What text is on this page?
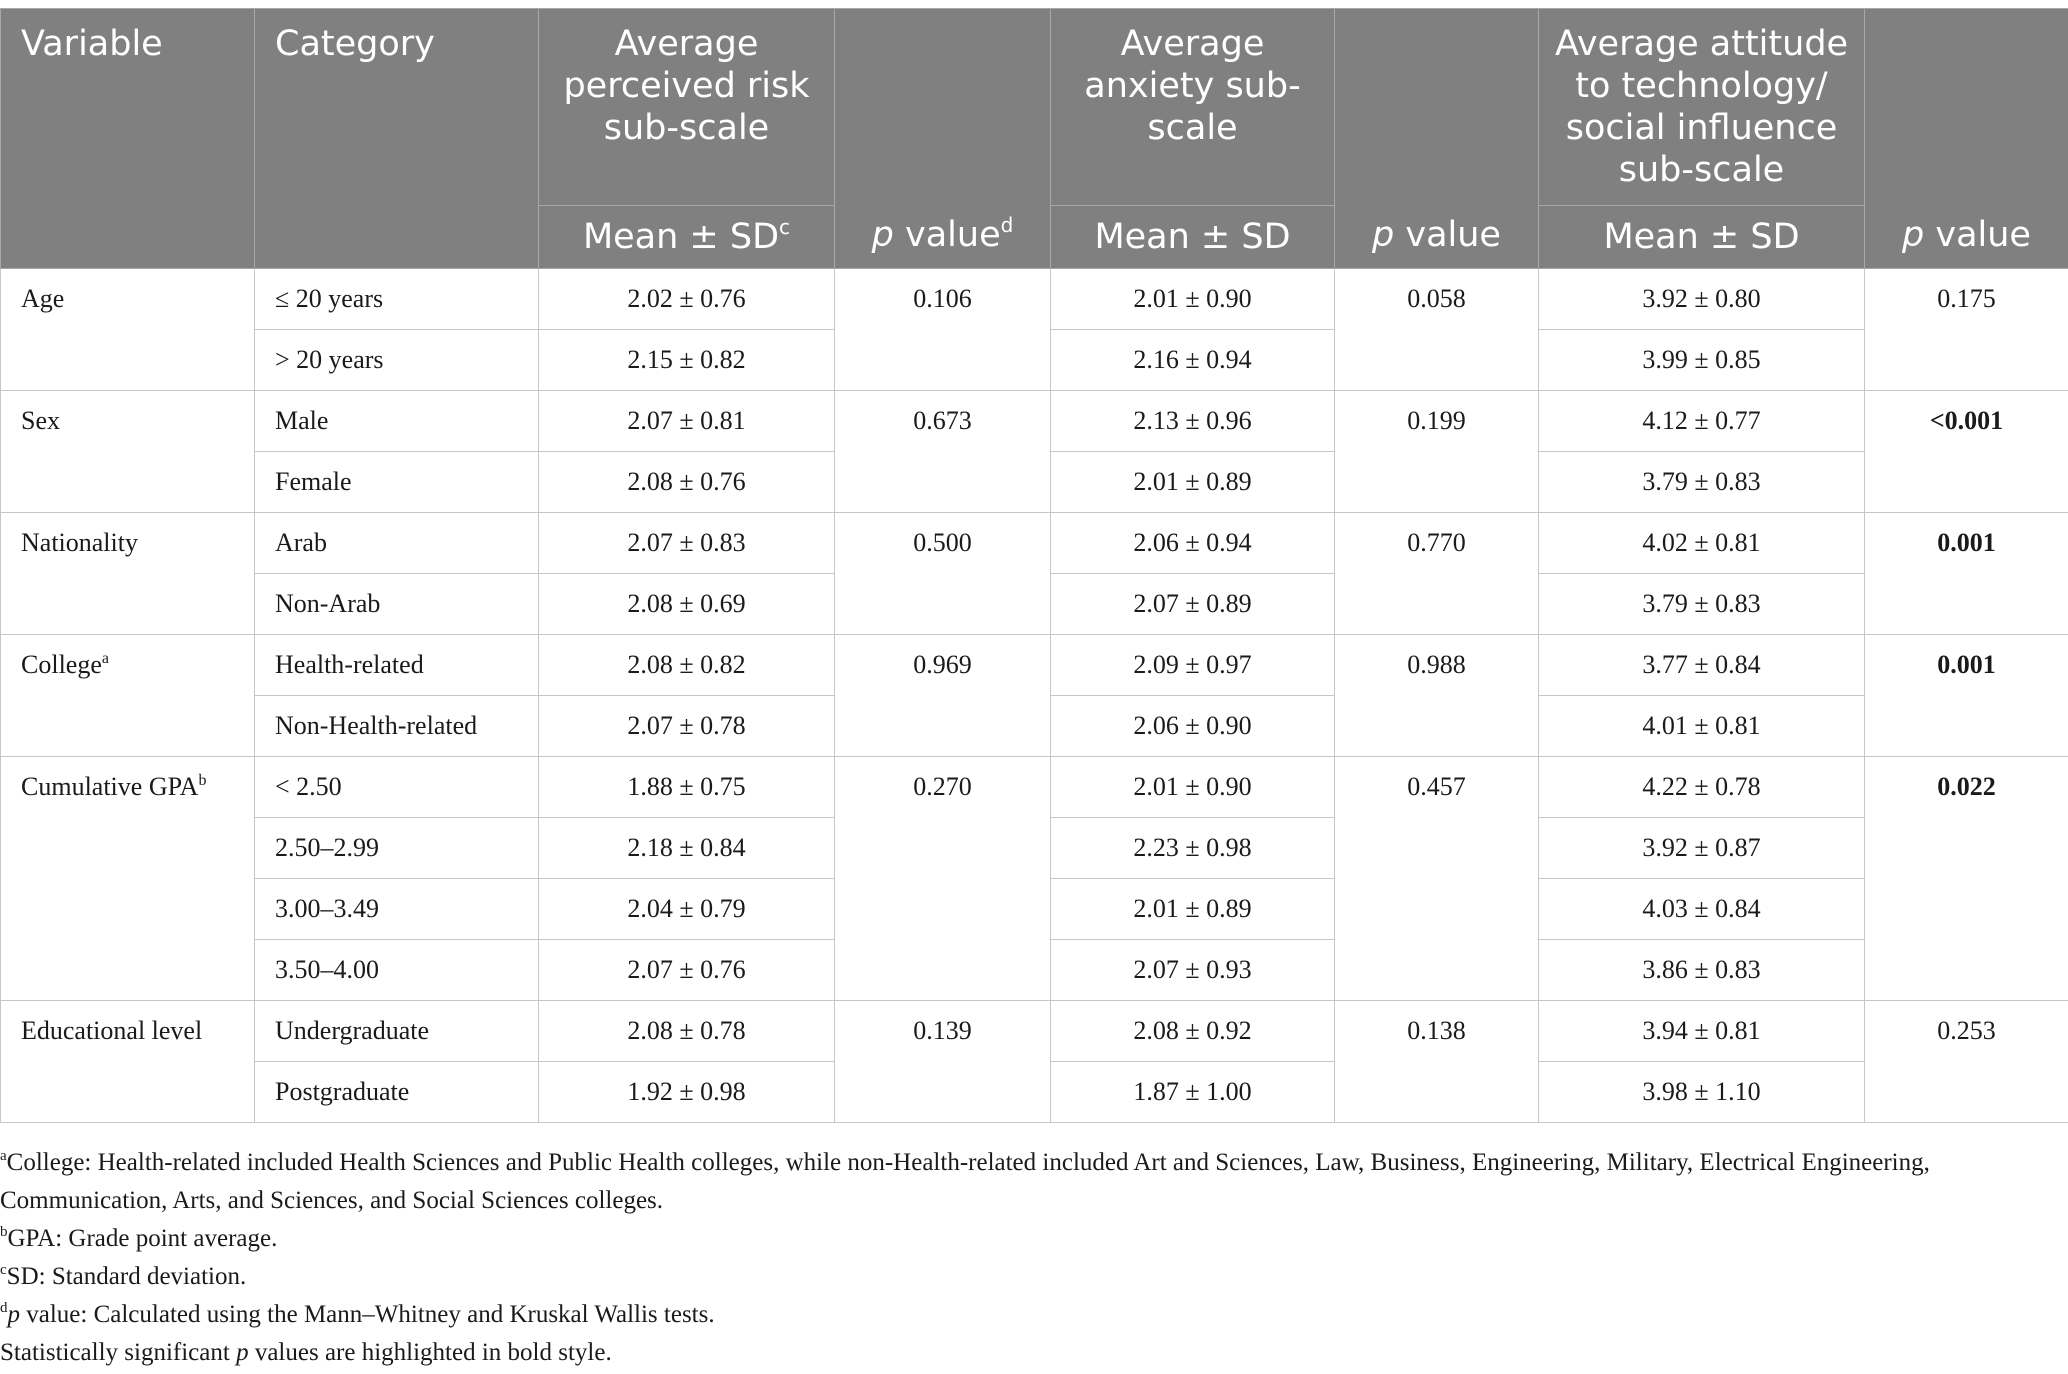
Variable	Category	Average perceived risk sub-scale	p value$^d$	Average anxiety sub-scale	p value	Average attitude to technology/ social influence sub-scale	p value
		Mean ± $SD^c$		Mean ± SD		Mean ± SD	
Age	≤ 20 years	2.02 ± 0.76	0.106	2.01 ± 0.90	0.058	3.92 ± 0.80	0.175
	> 20 years	2.15 ± 0.82		2.16 ± 0.94		3.99 ± 0.85	
Sex	Male	2.07 ± 0.81	0.673	2.13 ± 0.96	0.199	4.12 ± 0.77	<0.001
	Female	2.08 ± 0.76		2.01 ± 0.89		3.79 ± 0.83	
Nationality	Arab	2.07 ± 0.83	0.500	2.06 ± 0.94	0.770	4.02 ± 0.81	0.001
	Non-Arab	2.08 ± 0.69		2.07 ± 0.89		3.79 ± 0.83	
College$^a$	Health-related	2.08 ± 0.82	0.969	2.09 ± 0.97	0.988	3.77 ± 0.84	0.001
	Non-Health-related	2.07 ± 0.78		2.06 ± 0.90		4.01 ± 0.81	
Cumulative $GPA^b$	< 2.50	1.88 ± 0.75	0.270	2.01 ± 0.90	0.457	4.22 ± 0.78	0.022
	2.50–2.99	2.18 ± 0.84		2.23 ± 0.98		3.92 ± 0.87	
	3.00–3.49	2.04 ± 0.79		2.01 ± 0.89		4.03 ± 0.84	
	3.50–4.00	2.07 ± 0.76		2.07 ± 0.93		3.86 ± 0.83	
Educational level	Undergraduate	2.08 ± 0.78	0.139	2.08 ± 0.92	0.138	3.94 ± 0.81	0.253
	Postgraduate	1.92 ± 0.98		1.87 ± 1.00		3.98 ± 1.10	

$^a$College: Health-related included Health Sciences and Public Health colleges, while non-Health-related included Art and Sciences, Law, Business, Engineering, Military, Electrical Engineering,

Communication, Arts, and Sciences, and Social Sciences colleges.

$^b$GPA: Grade point average.

$^c$SD: Standard deviation.

$^d$p value: Calculated using the Mann–Whitney and Kruskal Wallis tests.

Statistically significant p values are highlighted in bold style.
